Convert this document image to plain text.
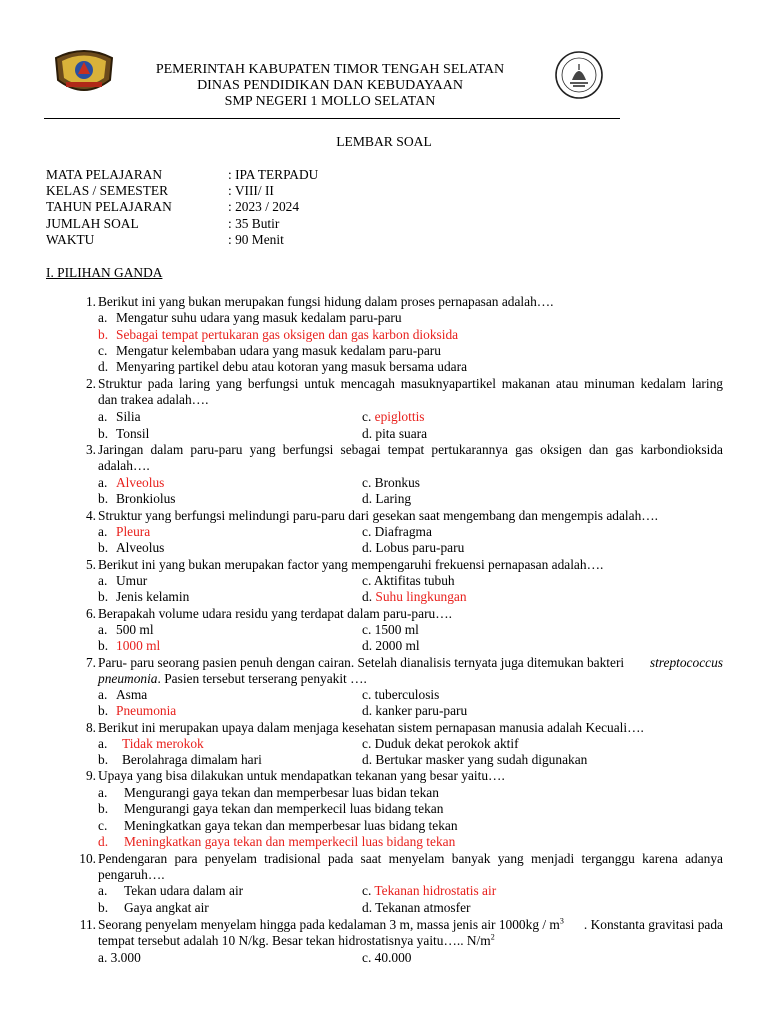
PEMERINTAH KABUPATEN TIMOR TENGAH SELATAN
DINAS PENDIDIKAN DAN KEBUDAYAAN
SMP NEGERI 1 MOLLO SELATAN
LEMBAR SOAL
MATA PELAJARAN	: IPA TERPADU
KELAS / SEMESTER	: VIII/ II
TAHUN PELAJARAN	: 2023 / 2024
JUMLAH SOAL	: 35 Butir
WAKTU	: 90 Menit
I. PILIHAN GANDA
1. Berikut ini yang bukan merupakan fungsi hidung dalam proses pernapasan adalah….
a. Mengatur suhu udara yang masuk kedalam paru-paru
b. Sebagai tempat pertukaran gas oksigen dan gas karbon dioksida
c. Mengatur kelembaban udara yang masuk kedalam paru-paru
d. Menyaring partikel debu atau kotoran yang masuk bersama udara
2. Struktur pada laring yang berfungsi untuk mencagah masuknyapartikel makanan atau minuman kedalam laring
dan trakea adalah….
a. Silia	c. epiglottis
b. Tonsil	d. pita suara
3. Jaringan dalam paru-paru yang berfungsi sebagai tempat pertukarannya gas oksigen dan gas karbondioksida
adalah….
a. Alveolus	c. Bronkus
b. Bronkiolus	d. Laring
4. Struktur yang berfungsi melindungi paru-paru dari gesekan saat mengembang dan mengempis adalah….
a. Pleura	c. Diafragma
b. Alveolus	d. Lobus paru-paru
5. Berikut ini yang bukan merupakan factor yang mempengaruhi frekuensi pernapasan adalah….
a. Umur	c. Aktifitas tubuh
b. Jenis kelamin	d. Suhu lingkungan
6. Berapakah volume udara residu yang terdapat dalam paru-paru….
a. 500 ml	c. 1500 ml
b. 1000 ml	d. 2000 ml
7. Paru- paru seorang pasien penuh dengan cairan. Setelah dianalisis ternyata juga ditemukan bakteri streptococcus
pneumonia. Pasien tersebut terserang penyakit ….
a. Asma	c. tuberculosis
b. Pneumonia	d. kanker paru-paru
8. Berikut ini merupakan upaya dalam menjaga kesehatan sistem pernapasan manusia adalah Kecuali….
a. Tidak merokok	c. Duduk dekat perokok aktif
b. Berolahraga dimalam hari	d. Bertukar masker yang sudah digunakan
9. Upaya yang bisa dilakukan untuk mendapatkan tekanan yang besar yaitu….
a. Mengurangi gaya tekan dan memperbesar luas bidan tekan
b. Mengurangi gaya tekan dan memperkecil luas bidang tekan
c. Meningkatkan gaya tekan dan memperbesar luas bidang tekan
d. Meningkatkan gaya tekan dan memperkecil luas bidang tekan
10. Pendengaran para penyelam tradisional pada saat menyelam banyak yang menjadi terganggu karena adanya
pengaruh….
a. Tekan udara dalam air	c. Tekanan hidrostatis air
b. Gaya angkat air	d. Tekanan atmosfer
11. Seorang penyelam menyelam hingga pada kedalaman 3 m, massa jenis air $1000kg / m^3$ . Konstanta gravitasi pada
tempat tersebut adalah 10 N/kg. Besar tekan hidrostatisnya yaitu….. $N/m^2$
a. 3.000	c. 40.000
